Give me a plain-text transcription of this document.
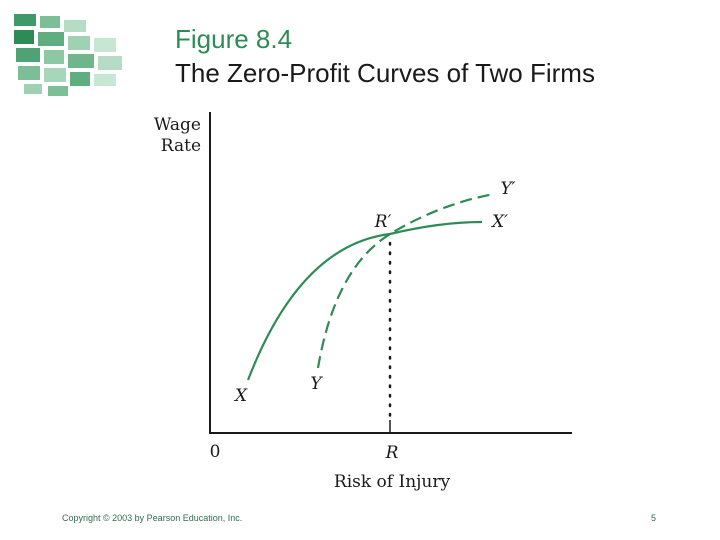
Figure 8.4
The Zero-Profit Curves of Two Firms
Wage
Rate
Risk of Injury
0	R
X
Y
X′
Y′
R′
Copyright © 2003 by Pearson Education, Inc.	5
